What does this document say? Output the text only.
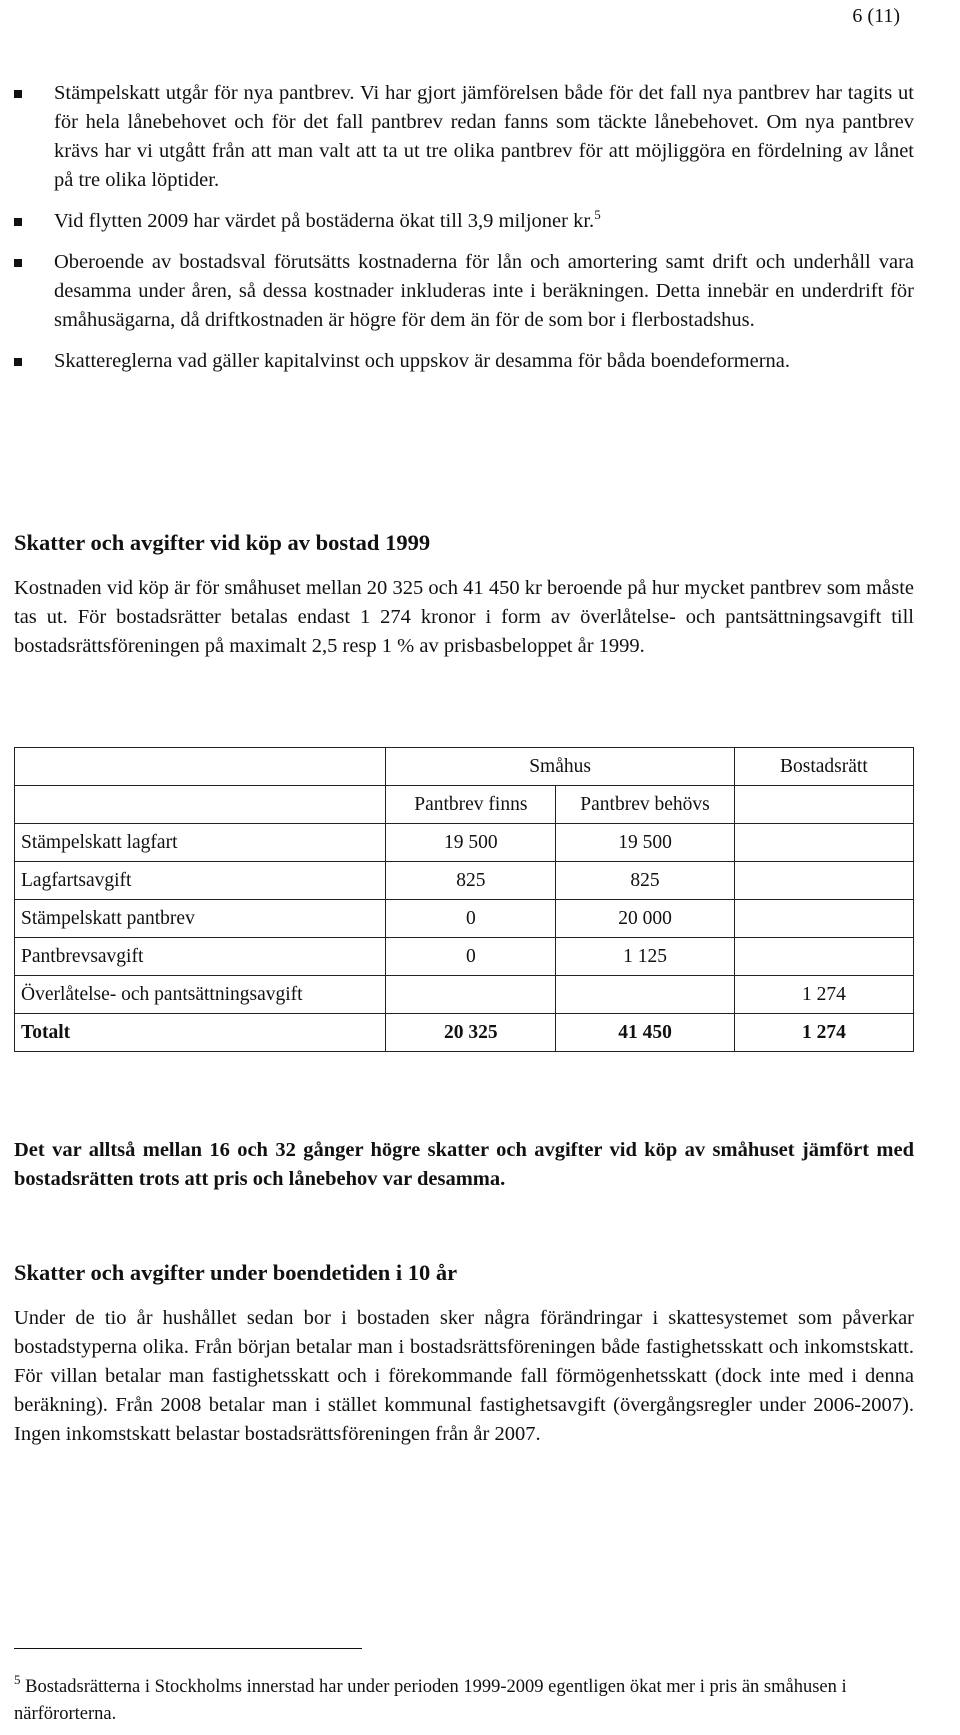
6 (11)
Stämpelskatt utgår för nya pantbrev. Vi har gjort jämförelsen både för det fall nya pantbrev har tagits ut för hela lånebehovet och för det fall pantbrev redan fanns som täckte lånebehovet. Om nya pantbrev krävs har vi utgått från att man valt att ta ut tre olika pantbrev för att möjliggöra en fördelning av lånet på tre olika löptider.
Vid flytten 2009 har värdet på bostäderna ökat till 3,9 miljoner kr.$^5$
Oberoende av bostadsval förutsätts kostnaderna för lån och amortering samt drift och underhåll vara desamma under åren, så dessa kostnader inkluderas inte i beräkningen. Detta innebär en underdrift för småhusägarna, då driftkostnaden är högre för dem än för de som bor i flerbostadshus.
Skattereglerna vad gäller kapitalvinst och uppskov är desamma för båda boendeformerna.
Skatter och avgifter vid köp av bostad 1999

Kostnaden vid köp är för småhuset mellan 20 325 och 41 450 kr beroende på hur mycket pantbrev som måste tas ut. För bostadsrätter betalas endast 1 274 kronor i form av överlåtelse- och pantsättningsavgift till bostadsrättsföreningen på maximalt 2,5 resp 1 % av prisbasbeloppet år 1999.

	Småhus		Bostadsrätt
	Pantbrev finns	Pantbrev behövs	
Stämpelskatt lagfart	19 500	19 500	
Lagfartsavgift	825	825	
Stämpelskatt pantbrev	0	20 000	
Pantbrevsavgift	0	1 125	
Överlåtelse- och pantsättningsavgift			1 274
Totalt	20 325	41 450	1 274

Det var alltså mellan 16 och 32 gånger högre skatter och avgifter vid köp av småhuset jämfört med bostadsrätten trots att pris och lånebehov var desamma.

Skatter och avgifter under boendetiden i 10 år

Under de tio år hushållet sedan bor i bostaden sker några förändringar i skattesystemet som påverkar bostadstyperna olika. Från början betalar man i bostadsrättsföreningen både fastighetsskatt och inkomstskatt. För villan betalar man fastighetsskatt och i förekommande fall förmögenhetsskatt (dock inte med i denna beräkning). Från 2008 betalar man i stället kommunal fastighetsavgift (övergångsregler under 2006-2007). Ingen inkomstskatt belastar bostadsrättsföreningen från år 2007.

$^5$ Bostadsrätterna i Stockholms innerstad har under perioden 1999-2009 egentligen ökat mer i pris än småhusen i närförorterna.
